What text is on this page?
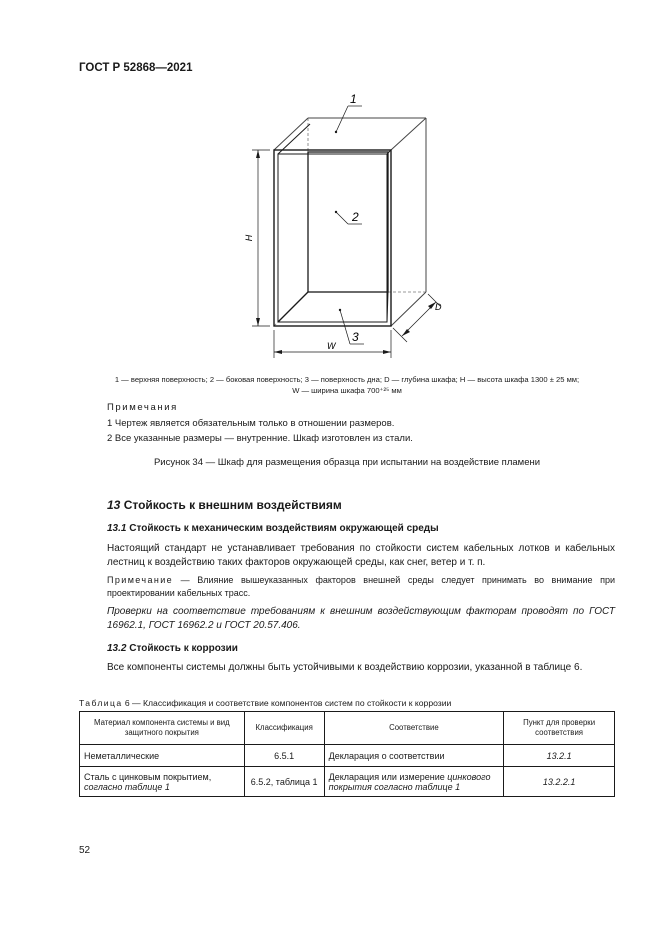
ГОСТ Р 52868—2021
H
W
D
1
2
3
1 — верхняя поверхность; 2 — боковая поверхность; 3 — поверхность дна; D — глубина шкафа; H — высота шкафа 1300 ± 25 мм;
W — ширина шкафа 700⁺²⁵ мм
Примечания
1 Чертеж является обязательным только в отношении размеров.
2 Все указанные размеры — внутренние. Шкаф изготовлен из стали.
Рисунок 34 — Шкаф для размещения образца при испытании на воздействие пламени
13 Стойкость к внешним воздействиям
13.1 Стойкость к механическим воздействиям окружающей среды
Настоящий стандарт не устанавливает требования по стойкости систем кабельных лотков и кабельных лестниц к воздействию таких факторов окружающей среды, как снег, ветер и т. п.
Примечание — Влияние вышеуказанных факторов внешней среды следует принимать во внимание при проектировании кабельных трасс.
Проверки на соответствие требованиям к внешним воздействующим факторам проводят по ГОСТ 16962.1, ГОСТ 16962.2 и ГОСТ 20.57.406.
13.2 Стойкость к коррозии
Все компоненты системы должны быть устойчивыми к воздействию коррозии, указанной в таблице 6.
Таблица 6 — Классификация и соответствие компонентов систем по стойкости к коррозии
Материал компонента системы и вид защитного покрытия	Классификация	Соответствие	Пункт для проверки соответствия
Неметаллические	6.5.1	Декларация о соответствии	13.2.1
Сталь с цинковым покрытием, согласно таблице 1	6.5.2, таблица 1	Декларация или измерение цинкового покрытия согласно таблице 1	13.2.2.1
52
